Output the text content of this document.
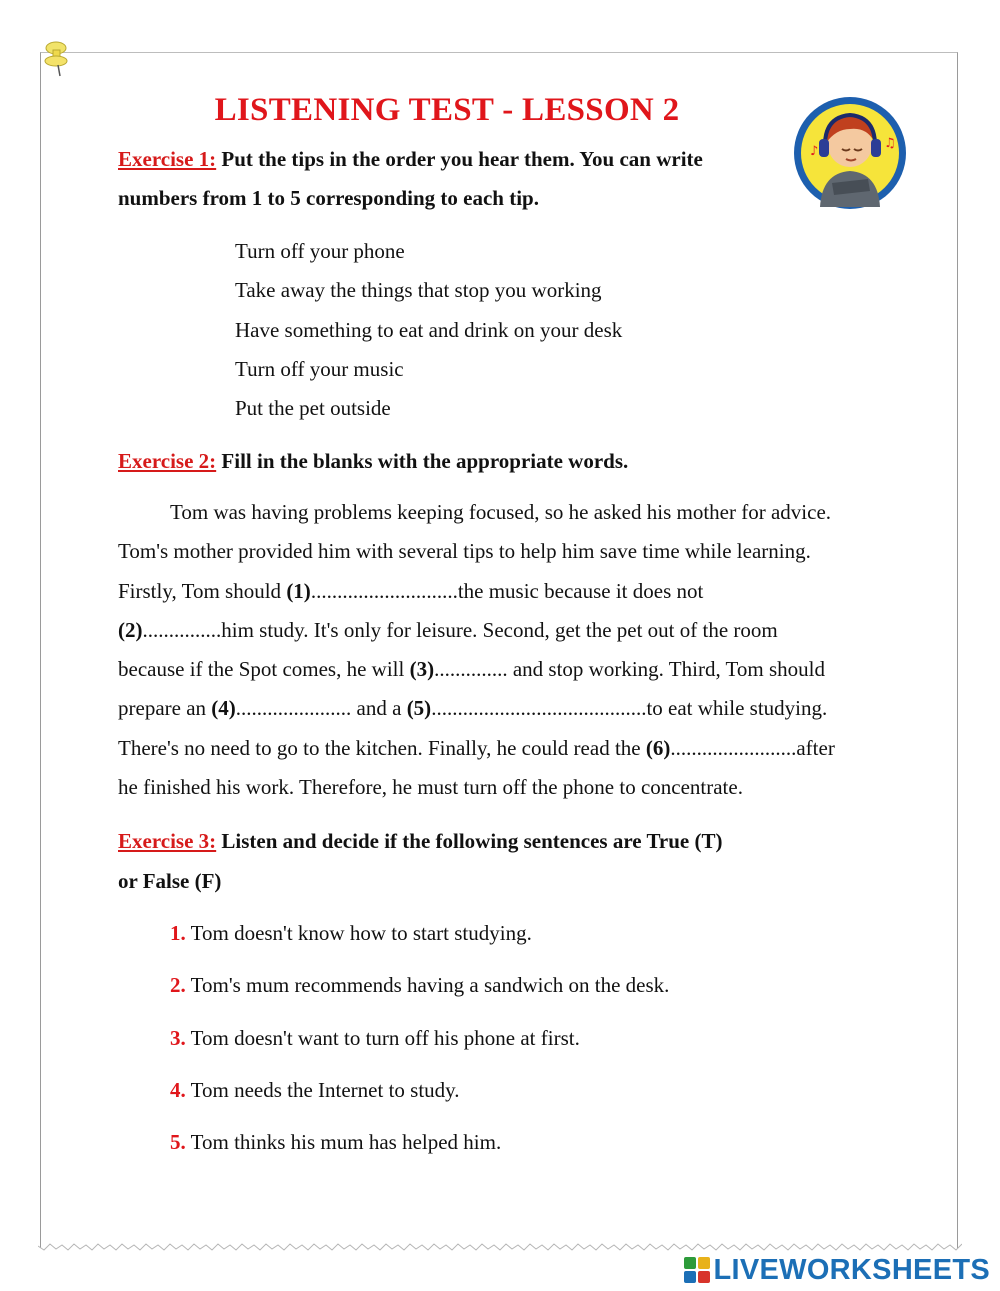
LISTENING TEST - LESSON 2
♪
♫
Exercise 1: Put the tips in the order you hear them. You can write
numbers from 1 to 5 corresponding to each tip.
Turn off your phone
Take away the things that stop you working
Have something to eat and drink on your desk
Turn off your music
Put the pet outside
Exercise 2: Fill in the blanks with the appropriate words.
Tom was having problems keeping focused, so he asked his mother for advice.
Tom's mother provided him with several tips to help him save time while learning.
Firstly, Tom should (1)............................the music because it does not
(2)...............him study. It's only for leisure. Second, get the pet out of the room
because if the Spot comes, he will (3).............. and stop working. Third, Tom should
prepare an (4)...................... and a (5).........................................to eat while studying.
There's no need to go to the kitchen. Finally, he could read the (6)........................after
he finished his work. Therefore, he must turn off the phone to concentrate.
Exercise 3: Listen and decide if the following sentences are True (T)
or False (F)
1. Tom doesn't know how to start studying.
2. Tom's mum recommends having a sandwich on the desk.
3. Tom doesn't want to turn off his phone at first.
4. Tom needs the Internet to study.
5. Tom thinks his mum has helped him.
LIVEWORKSHEETS
